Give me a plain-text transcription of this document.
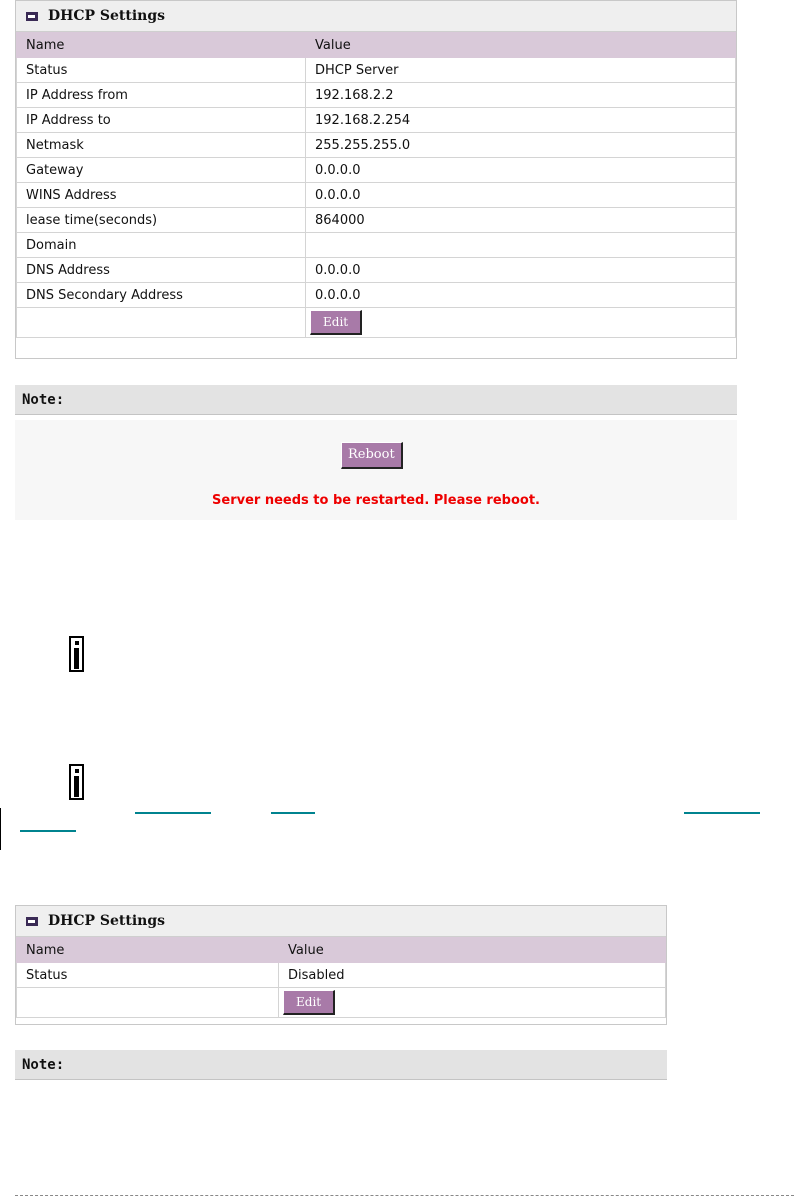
DHCP Settings
Name	Value
Status	DHCP Server
IP Address from	192.168.2.2
IP Address to	192.168.2.254
Netmask	255.255.255.0
Gateway	0.0.0.0
WINS Address	0.0.0.0
lease time(seconds)	864000
Domain	
DNS Address	0.0.0.0
DNS Secondary Address	0.0.0.0
	Edit
Note:
Reboot
Server needs to be restarted. Please reboot.
DHCP Settings
Name	Value
Status	Disabled
	Edit
Note:
